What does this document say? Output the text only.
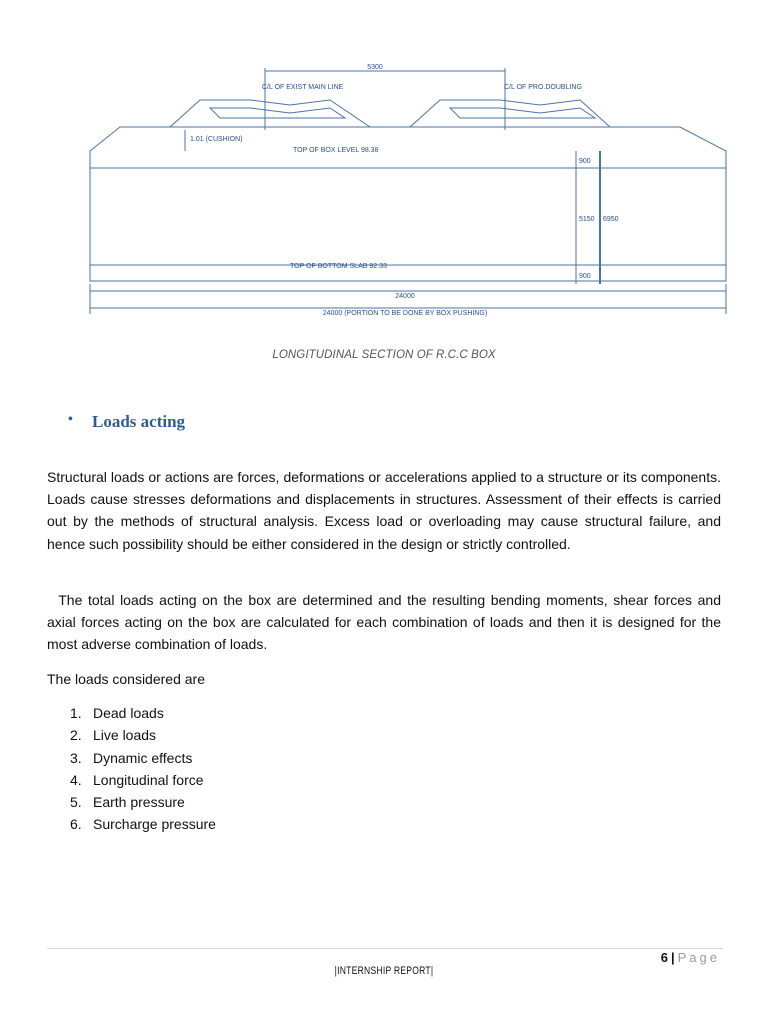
5300
C/L OF EXIST MAIN LINE	C/L OF PRO.DOUBLING
1.01 (CUSHION)
TOP OF BOX LEVEL 98.38
TOP OF BOTTOM SLAB 92.33
900
5150 6950
900
24000
24000 (PORTION TO BE DONE BY BOX PUSHING)
LONGITUDINAL SECTION OF R.C.C BOX
• Loads acting
Structural loads or actions are forces, deformations or accelerations applied to a structure or its components. Loads cause stresses deformations and displacements in structures. Assessment of their effects is carried out by the methods of structural analysis. Excess load or overloading may cause structural failure, and hence such possibility should be either considered in the design or strictly controlled.
The total loads acting on the box are determined and the resulting bending moments, shear forces and axial forces acting on the box are calculated for each combination of loads and then it is designed for the most adverse combination of loads.
The loads considered are
1. Dead loads
2. Live loads
3. Dynamic effects
4. Longitudinal force
5. Earth pressure
6. Surcharge pressure
6 | Page
|INTERNSHIP REPORT|
